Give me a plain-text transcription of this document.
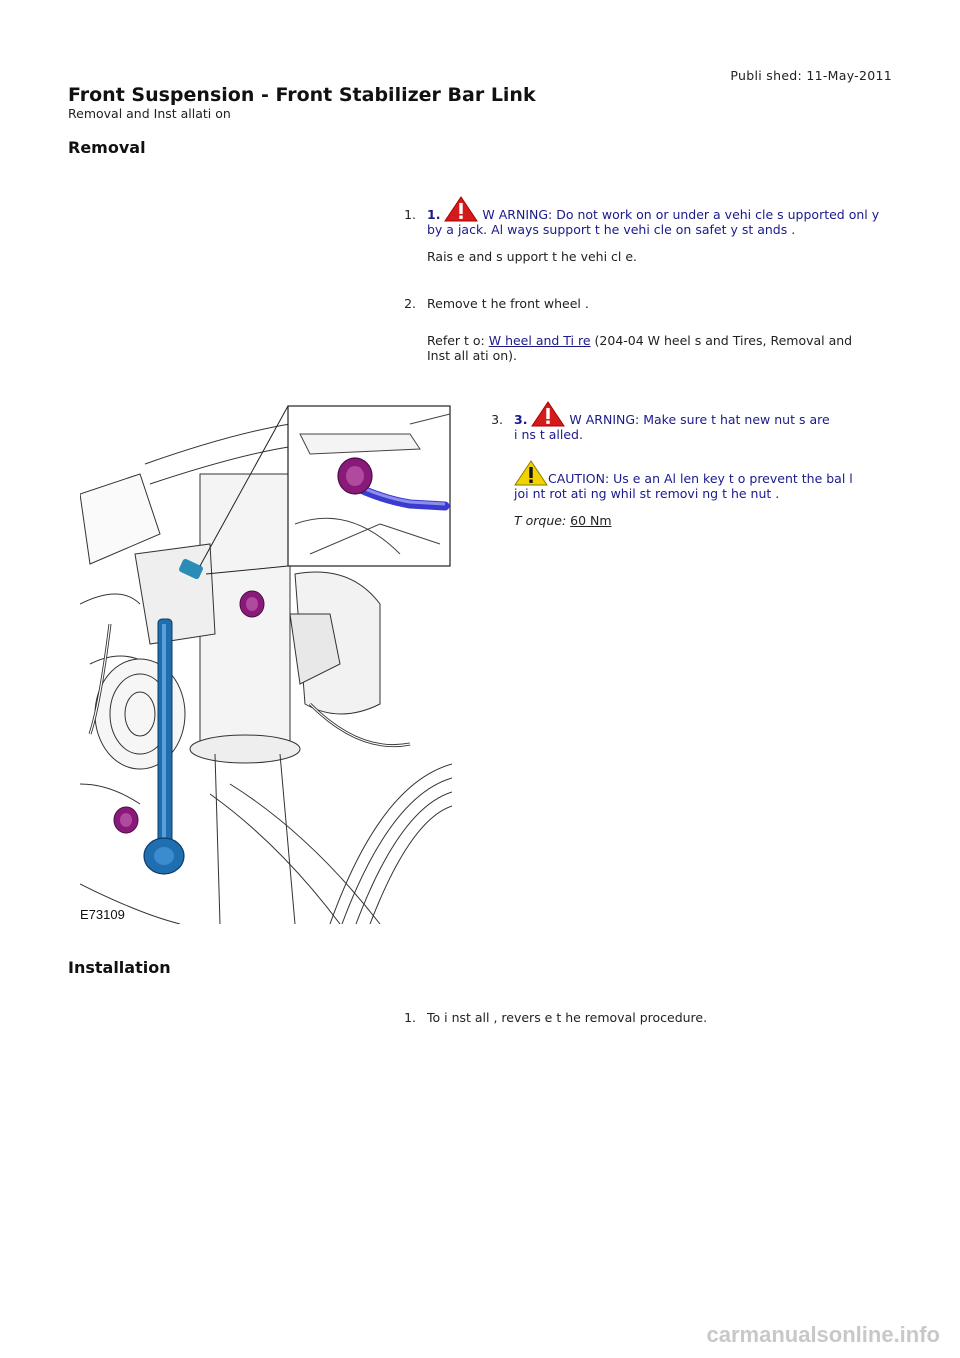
Publi shed: 11-May-2011
Front Suspension - Front Stabilizer Bar Link
Removal and Inst allati on
Removal
1. 1.	W ARNING: Do not work on or under a vehi cle s upported onl y
by a jack. Al ways support t he vehi cle on safet y st ands .
Rais e and s upport t he vehi cl e.
2. Remove t he front wheel .
Refer t o: W heel and Ti re (204-04 W heel s and Tires, Removal and
Inst all ati on).
E73109
3. 3.	W ARNING: Make sure t hat new nut s are
i ns t alled.
CAUTION: Us e an Al len key t o prevent the bal l
joi nt rot ati ng whil st removi ng t he nut .
T orque: 60 Nm
Installation
1. To i nst all , revers e t he removal procedure.
carmanualsonline.info
